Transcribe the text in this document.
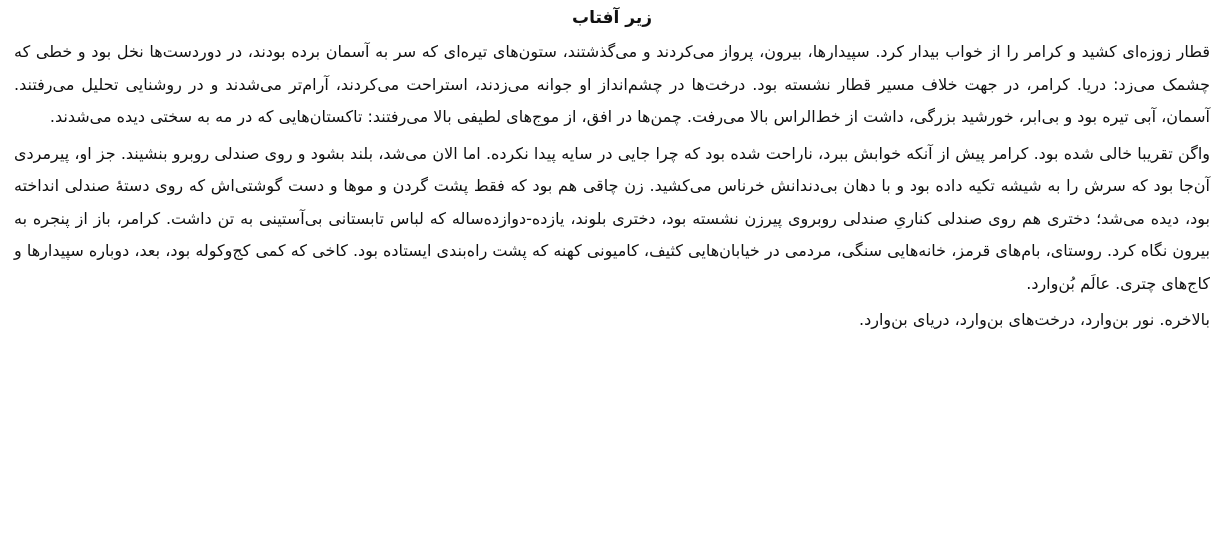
زیر آفتاب

قطار زوزه‌ای کشید و کرامر را از خواب بیدار کرد. سپیدارها، بیرون، پرواز می‌کردند و می‌گذشتند، ستون‌های تیره‌ای که سر به آسمان برده بودند، در دوردست‌ها نخل بود و خطی که چشمک می‌زد: دریا. کرامر، در جهت خلاف مسیر قطار نشسته بود. درخت‌ها در چشم‌انداز او جوانه می‌زدند، استراحت می‌کردند، آرام‌تر می‌شدند و در روشنایی تحلیل می‌رفتند. آسمان، آبی تیره بود و بی‌ابر، خورشید بزرگی، داشت از خط‌الراس بالا می‌رفت. چمن‌ها در افق، از موج‌های لطیفی بالا می‌رفتند: تاکستان‌هایی که در مه به سختی دیده می‌شدند.

واگن تقریبا خالی شده بود. کرامر پیش از آنکه خوابش ببرد، ناراحت شده بود که چرا جایی در سایه پیدا نکرده. اما الان می‌شد، بلند بشود و روی صندلی روبرو بنشیند. جز او، پیرمردی آن‌جا بود که سرش را به شیشه تکیه داده بود و با دهان بی‌دندانش خرناس می‌کشید. زن چاقی هم بود که فقط پشت گردن و موها و دست گوشتی‌اش که روی دستهٔ صندلی انداخته بود، دیده می‌شد؛ دختری هم روی صندلی کناریِ صندلی روبروی پیرزن نشسته بود، دختری بلوند، یازده-دوازده‌ساله که لباس تابستانی بی‌آستینی به تن داشت. کرامر، باز از پنجره به بیرون نگاه کرد. روستای، بام‌های قرمز، خانه‌هایی سنگی، مردمی در خیابان‌هایی کثیف، کامیونی کهنه که پشت راه‌بندی ایستاده بود. کاخی که کمی کج‌وکوله بود، بعد، دوباره سپیدارها و کاج‌های چتری. عالَم بُن‌وارد.

بالاخره. نور بن‌وارد، درخت‌های بن‌وارد، دریای بن‌وارد.
